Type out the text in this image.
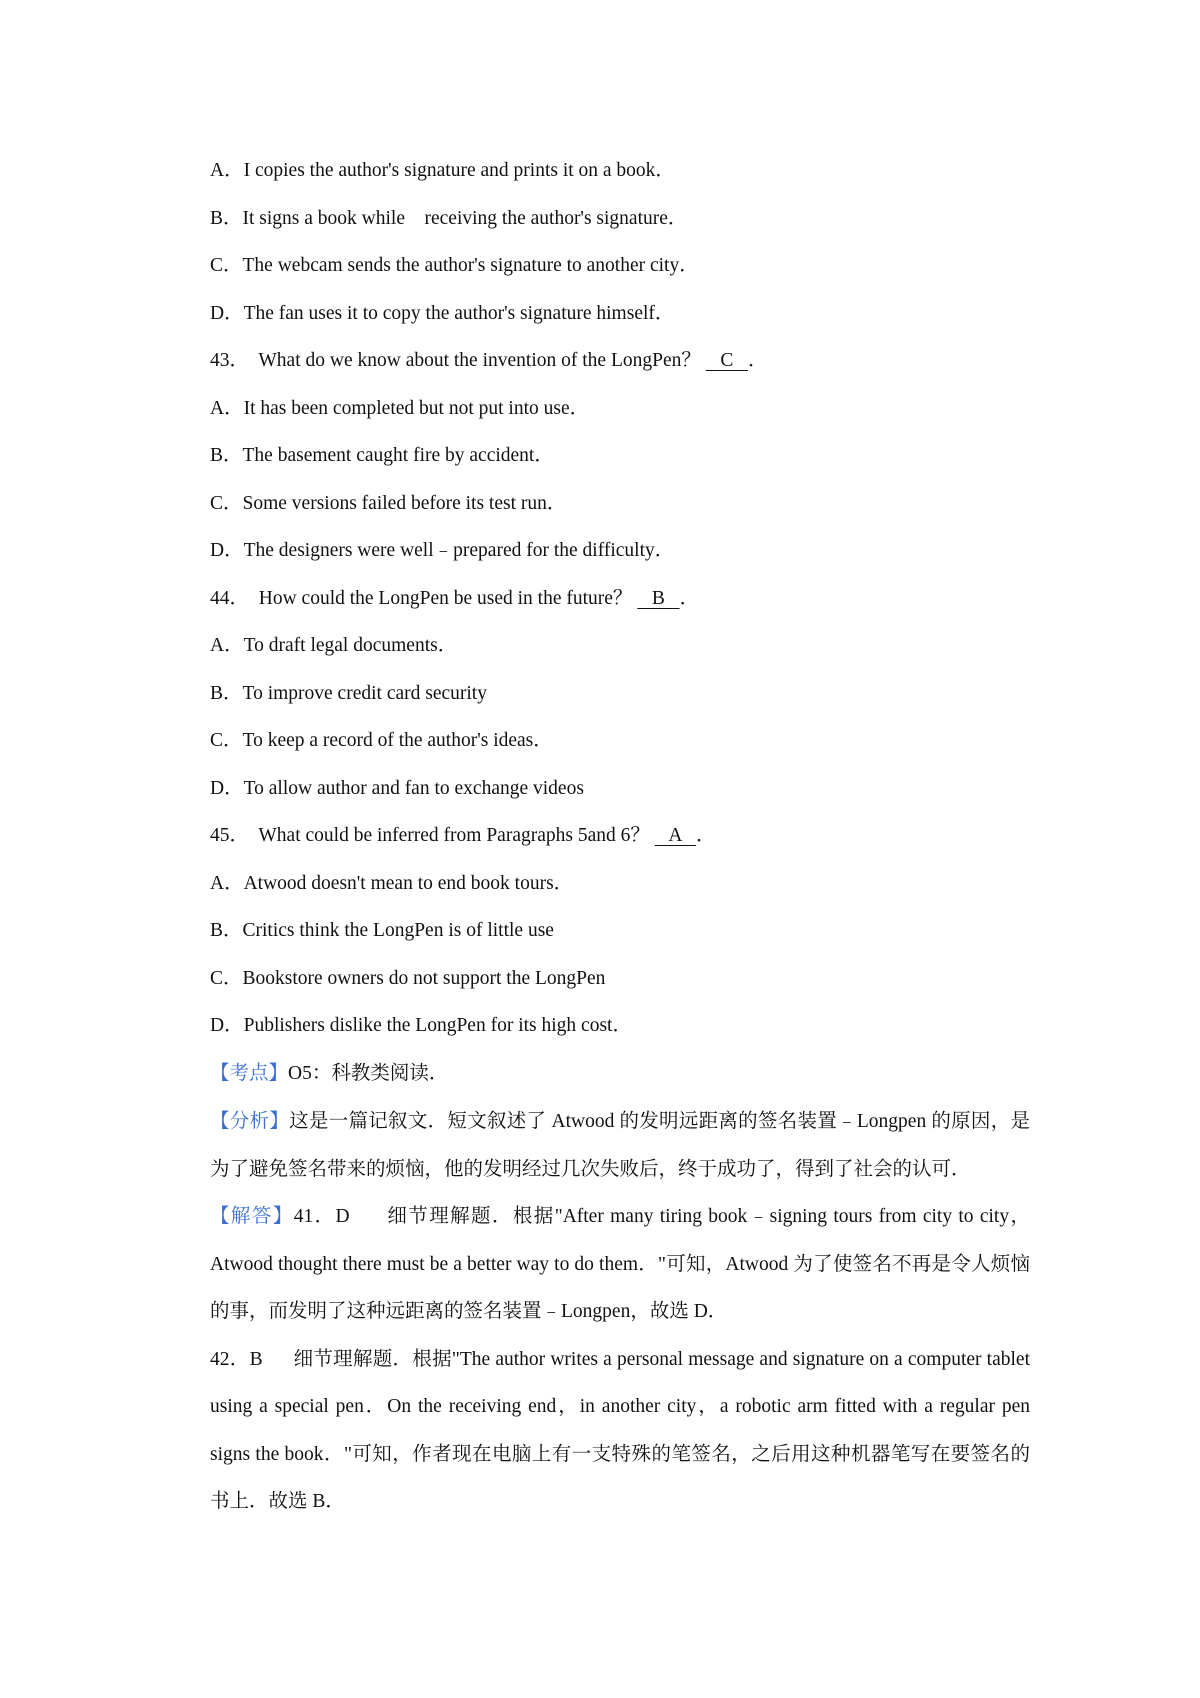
A．I copies the author's signature and prints it on a book．
B．It signs a book while    receiving the author's signature．
C．The webcam sends the author's signature to another city．
D．The fan uses it to copy the author's signature himself．
43．  What do we know about the invention of the LongPen？    C   ．
A．It has been completed but not put into use．
B．The basement caught fire by accident．
C．Some versions failed before its test run．
D．The designers were well﹣prepared for the difficulty．
44．  How could the LongPen be used in the future？    B   ．
A．To draft legal documents．
B．To improve credit card security
C．To keep a record of the author's ideas．
D．To allow author and fan to exchange videos
45．  What could be inferred from Paragraphs 5and 6？    A   ．
A．Atwood doesn't mean to end book tours．
B．Critics think the LongPen is of little use
C．Bookstore owners do not support the LongPen
D．Publishers dislike the LongPen for its high cost．
【考点】O5：科教类阅读．
【分析】这是一篇记叙文．短文叙述了 Atwood 的发明远距离的签名装置﹣Longpen 的原因，是为了避免签名带来的烦恼，他的发明经过几次失败后，终于成功了，得到了社会的认可．
【解答】41．D      细节理解题．根据"After many tiring book﹣signing tours from city to city，Atwood thought there must be a better way to do them．"可知，Atwood 为了使签名不再是令人烦恼的事，而发明了这种远距离的签名装置﹣Longpen，故选 D．
42．B      细节理解题．根据"The author writes a personal message and signature on a computer tablet using a special pen．On the receiving end，in another city，a robotic arm fitted with a regular pen signs the book．"可知，作者现在电脑上有一支特殊的笔签名，之后用这种机器笔写在要签名的书上．故选 B．
